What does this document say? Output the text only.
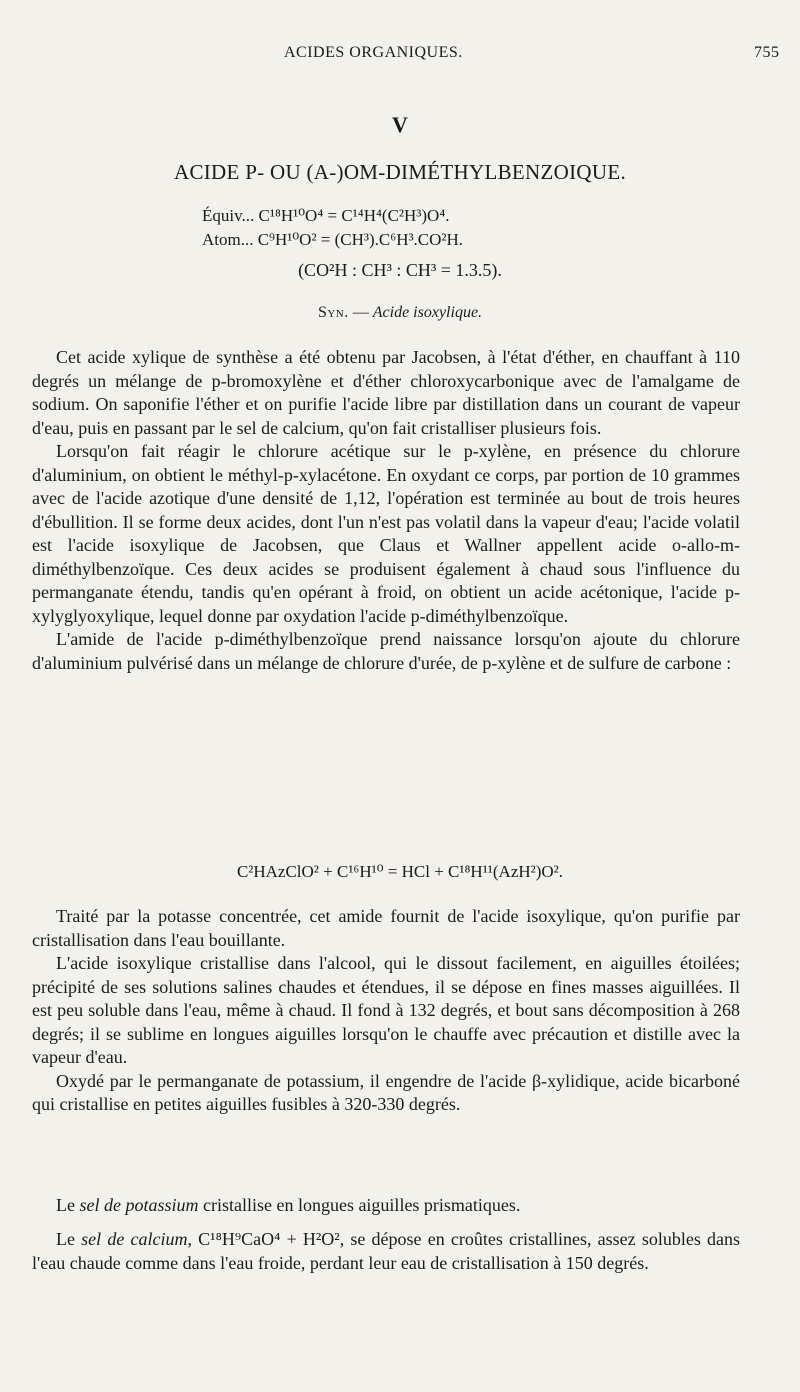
ACIDES ORGANIQUES.	755
V
ACIDE P- OU (A-)OM-DIMÉTHYLBENZOIQUE.
Équiv... C¹⁸H¹⁰O⁴ = C¹⁴H⁴(C²H³)O⁴.
Atom... C⁹H¹⁰O² = (CH³).C⁶H³.CO²H.
(CO²H : CH³ : CH³ = 1.3.5).
Syn. — Acide isoxylique.

Cet acide xylique de synthèse a été obtenu par Jacobsen, à l'état d'éther, en chauffant à 110 degrés un mélange de p-bromoxylène et d'éther chloroxycarbonique avec de l'amalgame de sodium. On saponifie l'éther et on purifie l'acide libre par distillation dans un courant de vapeur d'eau, puis en passant par le sel de calcium, qu'on fait cristalliser plusieurs fois.

Lorsqu'on fait réagir le chlorure acétique sur le p-xylène, en présence du chlorure d'aluminium, on obtient le méthyl-p-xylacétone. En oxydant ce corps, par portion de 10 grammes avec de l'acide azotique d'une densité de 1,12, l'opération est terminée au bout de trois heures d'ébullition. Il se forme deux acides, dont l'un n'est pas volatil dans la vapeur d'eau; l'acide volatil est l'acide isoxylique de Jacobsen, que Claus et Wallner appellent acide o-allo-m-diméthylbenzoïque. Ces deux acides se produisent également à chaud sous l'influence du permanganate étendu, tandis qu'en opérant à froid, on obtient un acide acétonique, l'acide p-xylyglyoxylique, lequel donne par oxydation l'acide p-diméthylbenzoïque.

L'amide de l'acide p-diméthylbenzoïque prend naissance lorsqu'on ajoute du chlorure d'aluminium pulvérisé dans un mélange de chlorure d'urée, de p-xylène et de sulfure de carbone :

C²HAzClO² + C¹⁶H¹⁰ = HCl + C¹⁸H¹¹(AzH²)O².

Traité par la potasse concentrée, cet amide fournit de l'acide isoxylique, qu'on purifie par cristallisation dans l'eau bouillante.

L'acide isoxylique cristallise dans l'alcool, qui le dissout facilement, en aiguilles étoilées; précipité de ses solutions salines chaudes et étendues, il se dépose en fines masses aiguillées. Il est peu soluble dans l'eau, même à chaud. Il fond à 132 degrés, et bout sans décomposition à 268 degrés; il se sublime en longues aiguilles lorsqu'on le chauffe avec précaution et distille avec la vapeur d'eau.

Oxydé par le permanganate de potassium, il engendre de l'acide β-xylidique, acide bicarboné qui cristallise en petites aiguilles fusibles à 320-330 degrés.

Le sel de potassium cristallise en longues aiguilles prismatiques.

Le sel de calcium, C¹⁸H⁹CaO⁴ + H²O², se dépose en croûtes cristallines, assez solubles dans l'eau chaude comme dans l'eau froide, perdant leur eau de cristallisation à 150 degrés.
